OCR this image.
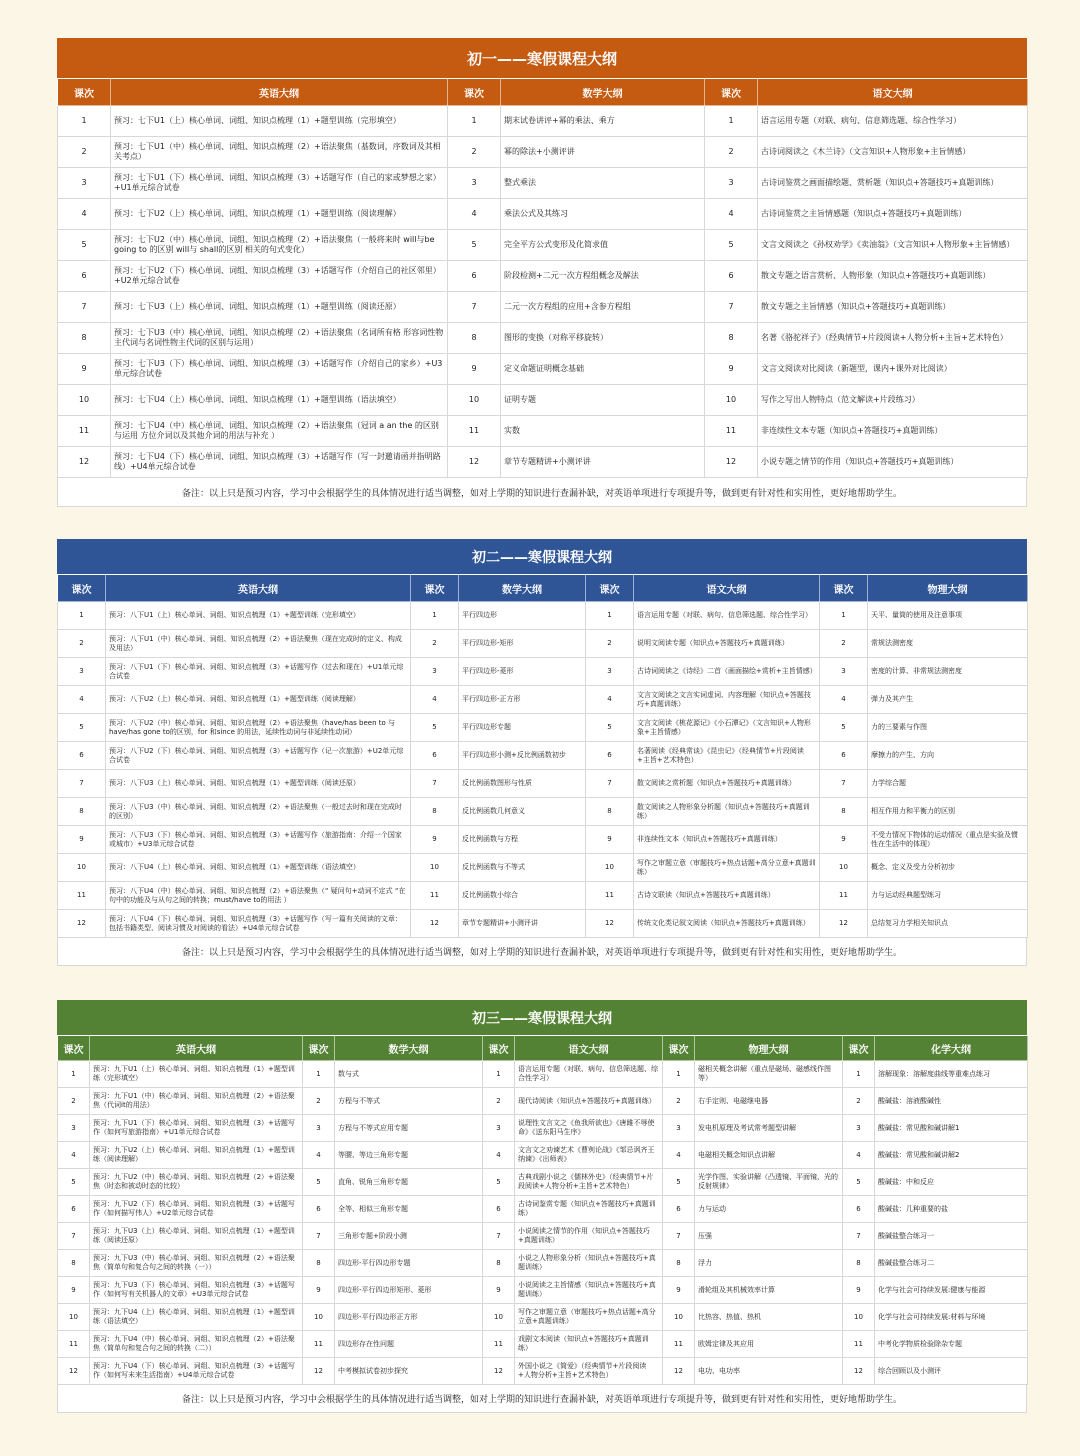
初一——寒假课程大纲
课次	英语大纲	课次	数学大纲	课次	语文大纲
1	预习：七下U1（上）核心单词、词组、知识点梳理（1）+题型训练（完形填空）	1	期末试卷讲评+幂的乘法、乘方	1	语言运用专题（对联、病句、信息筛选题、综合性学习）
2	预习：七下U1（中）核心单词、词组、知识点梳理（2）+语法聚焦（基数词，序数词及其相关考点）	2	幂的除法+小测评讲	2	古诗词阅读之《木兰诗》（文言知识+人物形象+主旨情感）
3	预习：七下U1（下）核心单词、词组、知识点梳理（3）+话题写作（自己的家或梦想之家）+U1单元综合试卷	3	整式乘法	3	古诗词鉴赏之画面描绘题、赏析题（知识点+答题技巧+真题训练）
4	预习：七下U2（上）核心单词、词组、知识点梳理（1）+题型训练（阅读理解）	4	乘法公式及其练习	4	古诗词鉴赏之主旨情感题（知识点+答题技巧+真题训练）
5	预习：七下U2（中）核心单词、词组、知识点梳理（2）+语法聚焦（一般将来时 will与be going to 的区别 will与 shall的区别 相关的句式变化）	5	完全平方公式变形及化简求值	5	文言文阅读之《孙权劝学》《卖油翁》（文言知识+人物形象+主旨情感）
6	预习：七下U2（下）核心单词、词组、知识点梳理（3）+话题写作（介绍自己的社区邻里）+U2单元综合试卷	6	阶段检测+二元一次方程组概念及解法	6	散文专题之语言赏析、人物形象（知识点+答题技巧+真题训练）
7	预习：七下U3（上）核心单词、词组、知识点梳理（1）+题型训练（阅读还原）	7	二元一次方程组的应用+含参方程组	7	散文专题之主旨情感（知识点+答题技巧+真题训练）
8	预习：七下U3（中）核心单词、词组、知识点梳理（2）+语法聚焦（名词所有格 形容词性物主代词与名词性物主代词的区别与运用）	8	图形的变换（对称平移旋转）	8	名著《骆驼祥子》（经典情节+片段阅读+人物分析+主旨+艺术特色）
9	预习：七下U3（下）核心单词、词组、知识点梳理（3）+话题写作（介绍自己的家乡）+U3单元综合试卷	9	定义命题证明概念基础	9	文言文阅读对比阅读（新题型，课内+课外对比阅读）
10	预习：七下U4（上）核心单词、词组、知识点梳理（1）+题型训练（语法填空）	10	证明专题	10	写作之写出人物特点（范文解读+片段练习）
11	预习：七下U4（中）核心单词、词组、知识点梳理（2）+语法聚焦（冠词 a an the 的区别与运用 方位介词以及其他介词的用法与补充 ）	11	实数	11	非连续性文本专题（知识点+答题技巧+真题训练）
12	预习：七下U4（下）核心单词、词组、知识点梳理（3）+话题写作（写一封邀请函并指明路线）+U4单元综合试卷	12	章节专题精讲+小测评讲	12	小说专题之情节的作用（知识点+答题技巧+真题训练）
备注：以上只是预习内容，学习中会根据学生的具体情况进行适当调整，如对上学期的知识进行查漏补缺，对英语单项进行专项提升等，做到更有针对性和实用性，更好地帮助学生。
初二——寒假课程大纲
课次	英语大纲	课次	数学大纲	课次	语文大纲	课次	物理大纲
1	预习：八下U1（上）核心单词、词组、知识点梳理（1）+题型训练（完形填空）	1	平行四边形	1	语言运用专题（对联、病句、信息筛选题、综合性学习）	1	天平、量筒的使用及注意事项
2	预习：八下U1（中）核心单词、词组、知识点梳理（2）+语法聚焦（现在完成时的定义、构成及用法）	2	平行四边形-矩形	2	说明文阅读专题（知识点+答题技巧+真题训练）	2	常规法测密度
3	预习：八下U1（下）核心单词、词组、知识点梳理（3）+话题写作（过去和现在）+U1单元综合试卷	3	平行四边形-菱形	3	古诗词阅读之《诗经》二首（画面描绘+赏析+主旨情感）	3	密度的计算、非常规法测密度
4	预习：八下U2（上）核心单词、词组、知识点梳理（1）+题型训练（阅读理解）	4	平行四边形-正方形	4	文言文阅读之文言实词虚词、内容理解（知识点+答题技巧+真题训练）	4	弹力及其产生
5	预习：八下U2（中）核心单词、词组、知识点梳理（2）+语法聚焦（have/has been to 与have/has gone to的区别，for 和since 的用法，延续性动词与非延续性动词）	5	平行四边形专题	5	文言文阅读《桃花源记》《小石潭记》（文言知识+人物形象+主旨情感）	5	力的三要素与作图
6	预习：八下U2（下）核心单词、词组、知识点梳理（3）+话题写作（记一次旅游）+U2单元综合试卷	6	平行四边形小测+反比例函数初步	6	名著阅读《经典常谈》《昆虫记》（经典情节+片段阅读+主旨+艺术特色）	6	摩擦力的产生、方向
7	预习：八下U3（上）核心单词、词组、知识点梳理（1）+题型训练（阅读还原）	7	反比例函数图形与性质	7	散文阅读之赏析题（知识点+答题技巧+真题训练）	7	力学综合题
8	预习：八下U3（中）核心单词、词组、知识点梳理（2）+语法聚焦（一般过去时和现在完成时的区别）	8	反比例函数几何意义	8	散文阅读之人物形象分析题（知识点+答题技巧+真题训练）	8	相互作用力和平衡力的区别
9	预习：八下U3（下）核心单词、词组、知识点梳理（3）+话题写作（旅游指南：介绍一个国家或城市）+U3单元综合试卷	9	反比例函数与方程	9	非连续性文本（知识点+答题技巧+真题训练）	9	不受力情况下物体的运动情况（重点是实验及惯性在生活中的体现）
10	预习：八下U4（上）核心单词、词组、知识点梳理（1）+题型训练（语法填空）	10	反比例函数与不等式	10	写作之审题立意（审题技巧+热点话题+高分立意+真题训练）	10	概念、定义及受力分析初步
11	预习：八下U4（中）核心单词、词组、知识点梳理（2）+语法聚焦（“ 疑问句+动词不定式 “在句中的功能及与从句之间的转换；must/have to的用法 ）	11	反比例函数小综合	11	古诗文联读（知识点+答题技巧+真题训练）	11	力与运动经典题型练习
12	预习：八下U4（下）核心单词、词组、知识点梳理（3）+话题写作（写一篇有关阅读的文章：包括书籍类型、阅读习惯及对阅读的看法）+U4单元综合试卷	12	章节专题精讲+小测评讲	12	传统文化类记叙文阅读（知识点+答题技巧+真题训练）	12	总结复习力学相关知识点
备注：以上只是预习内容，学习中会根据学生的具体情况进行适当调整，如对上学期的知识进行查漏补缺，对英语单项进行专项提升等，做到更有针对性和实用性，更好地帮助学生。
初三——寒假课程大纲
课次	英语大纲	课次	数学大纲	课次	语文大纲	课次	物理大纲	课次	化学大纲
1	预习：九下U1（上）核心单词、词组、知识点梳理（1）+题型训练（完形填空）	1	数与式	1	语言运用专题（对联、病句、信息筛选题、综合性学习）	1	磁相关概念讲解（重点是磁场、磁感线作图等）	1	溶解现象：溶解度曲线等重难点练习
2	预习：九下U1（中）核心单词、词组、知识点梳理（2）+语法聚焦（代词it的用法）	2	方程与不等式	2	现代诗阅读（知识点+答题技巧+真题训练）	2	右手定则、电磁继电器	2	酸碱盐：溶液酸碱性
3	预习：九下U1（下）核心单词、词组、知识点梳理（3）+话题写作（如何写旅游指南）+U1单元综合试卷	3	方程与不等式应用专题	3	说理性文言文之《鱼我所欲也》《唐雎不辱使命》《送东阳马生序》	3	发电机原理及考试常考题型讲解	3	酸碱盐：常见酸和碱讲解1
4	预习：九下U2（上）核心单词、词组、知识点梳理（1）+题型训练（阅读理解）	4	等腰、等边三角形专题	4	文言文之劝谏艺术《曹刿论战》《邹忌讽齐王纳谏》《出师表》	4	电磁相关概念知识点讲解	4	酸碱盐：常见酸和碱讲解2
5	预习：九下U2（中）核心单词、词组、知识点梳理（2）+语法聚焦（时态和被动时态的比较）	5	直角、锐角三角形专题	5	古典戏剧小说之《儒林外史》（经典情节+片段阅读+人物分析+主旨+艺术特色）	5	光学作图、实验讲解（凸透镜、平面镜、光的反射规律）	5	酸碱盐：中和反应
6	预习：九下U2（下）核心单词、词组、知识点梳理（3）+话题写作（如何描写伟人）+U2单元综合试卷	6	全等、相似三角形专题	6	古诗词鉴赏专题（知识点+答题技巧+真题训练）	6	力与运动	6	酸碱盐：几种重要的盐
7	预习：九下U3（上）核心单词、词组、知识点梳理（1）+题型训练（阅读还原）	7	三角形专题+阶段小测	7	小说阅读之情节的作用（知识点+答题技巧+真题训练）	7	压强	7	酸碱盐整合练习一
8	预习：九下U3（中）核心单词、词组、知识点梳理（2）+语法聚焦（简单句和复合句之间的转换（一））	8	四边形-平行四边形专题	8	小说之人物形象分析（知识点+答题技巧+真题训练）	8	浮力	8	酸碱盐整合练习二
9	预习：九下U3（下）核心单词、词组、知识点梳理（3）+话题写作（如何写有关机器人的文章）+U3单元综合试卷	9	四边形-平行四边形矩形、菱形	9	小说阅读之主旨情感（知识点+答题技巧+真题训练）	9	滑轮组及其机械效率计算	9	化学与社会可持续发展:健康与能源
10	预习：九下U4（上）核心单词、词组、知识点梳理（1）+题型训练（语法填空）	10	四边形-平行四边形正方形	10	写作之审题立意（审题技巧+热点话题+高分立意+真题训练）	10	比热容、热值、热机	10	化学与社会可持续发展:材料与环境
11	预习：九下U4（中）核心单词、词组、知识点梳理（2）+语法聚焦（简单句和复合句之间的转换（二））	11	四边形存在性问题	11	戏剧文本阅读（知识点+答题技巧+真题训练）	11	欧姆定律及其应用	11	中考化学物质检验除杂专题
12	预习：九下U4（下）核心单词、词组、知识点梳理（3）+话题写作（如何写未来生活指南）+U4单元综合试卷	12	中考模拟试卷初步探究	12	外国小说之《简爱》（经典情节+片段阅读+人物分析+主旨+艺术特色）	12	电功、电功率	12	综合回顾以及小测评
备注：以上只是预习内容，学习中会根据学生的具体情况进行适当调整，如对上学期的知识进行查漏补缺，对英语单项进行专项提升等，做到更有针对性和实用性，更好地帮助学生。
